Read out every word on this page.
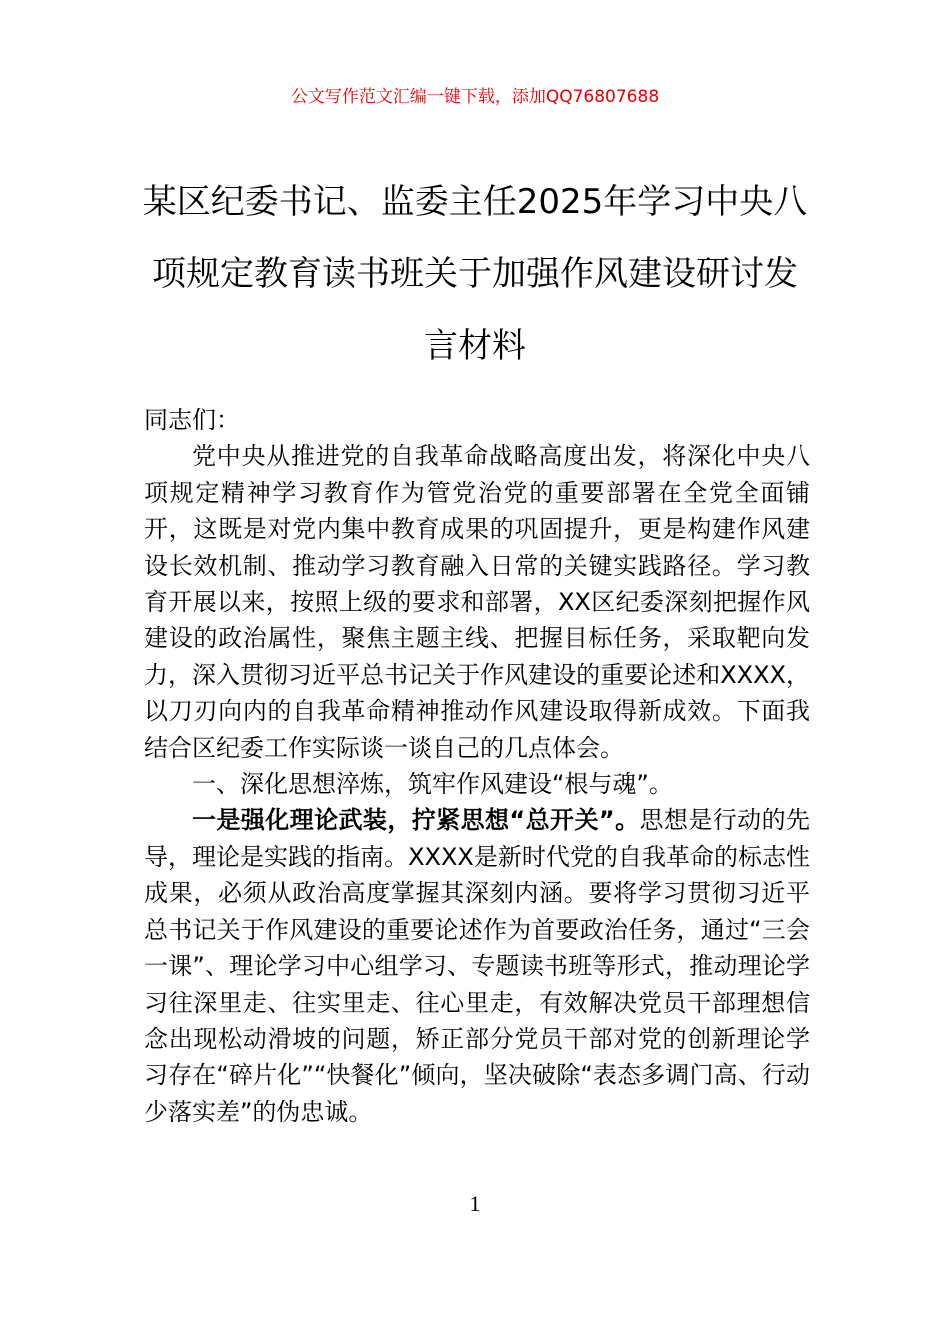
公文写作范文汇编一键下载，添加QQ76807688
某区纪委书记、监委主任2025年学习中央八项规定教育读书班关于加强作风建设研讨发言材料

同志们：

党中央从推进党的自我革命战略高度出发，将深化中央八项规定精神学习教育作为管党治党的重要部署在全党全面铺开，这既是对党内集中教育成果的巩固提升，更是构建作风建设长效机制、推动学习教育融入日常的关键实践路径。学习教育开展以来，按照上级的要求和部署，XX区纪委深刻把握作风建设的政治属性，聚焦主题主线、把握目标任务，采取靶向发力，深入贯彻习近平总书记关于作风建设的重要论述和XXXX，以刀刃向内的自我革命精神推动作风建设取得新成效。下面我结合区纪委工作实际谈一谈自己的几点体会。

一、深化思想淬炼，筑牢作风建设“根与魂”。

一是强化理论武装，拧紧思想“总开关”。思想是行动的先导，理论是实践的指南。XXXX是新时代党的自我革命的标志性成果，必须从政治高度掌握其深刻内涵。要将学习贯彻习近平总书记关于作风建设的重要论述作为首要政治任务，通过“三会一课”、理论学习中心组学习、专题读书班等形式，推动理论学习往深里走、往实里走、往心里走，有效解决党员干部理想信念出现松动滑坡的问题，矫正部分党员干部对党的创新理论学习存在“碎片化”“快餐化”倾向，坚决破除“表态多调门高、行动少落实差”的伪忠诚。

1
